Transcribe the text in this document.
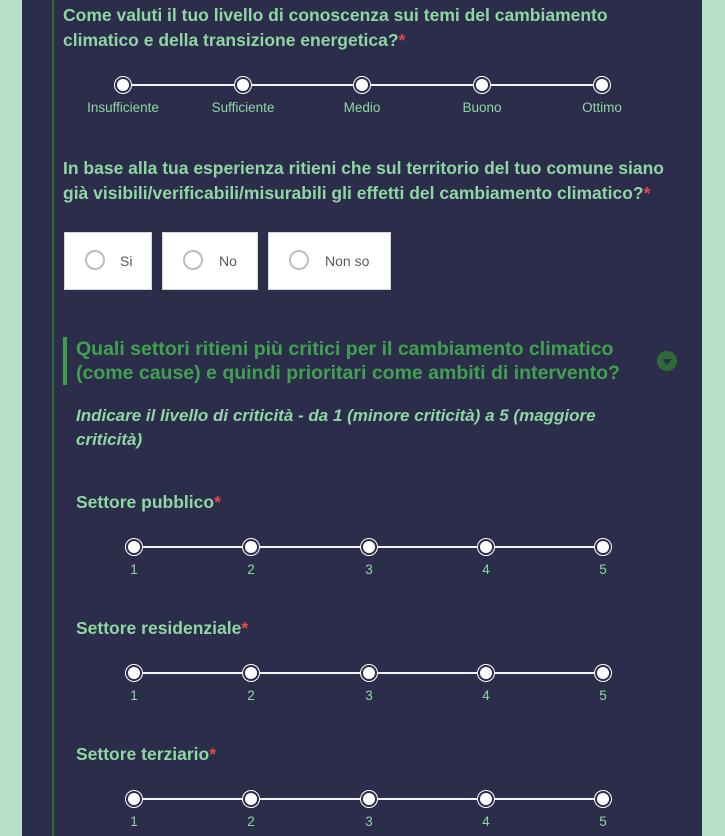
Come valuti il tuo livello di conoscenza sui temi del cambiamento climatico e della transizione energetica?*

Insufficiente	Sufficiente	Medio	Buono	Ottimo

In base alla tua esperienza ritieni che sul territorio del tuo comune siano già visibili/verificabili/misurabili gli effetti del cambiamento climatico?*

Si	No	Non so
Quali settori ritieni più critici per il cambiamento climatico (come cause) e quindi prioritari come ambiti di intervento?
Indicare il livello di criticità - da 1 (minore criticità) a 5 (maggiore criticità)

Settore pubblico*

1	2	3	4	5

Settore residenziale*

1	2	3	4	5

Settore terziario*

1	2	3	4	5
